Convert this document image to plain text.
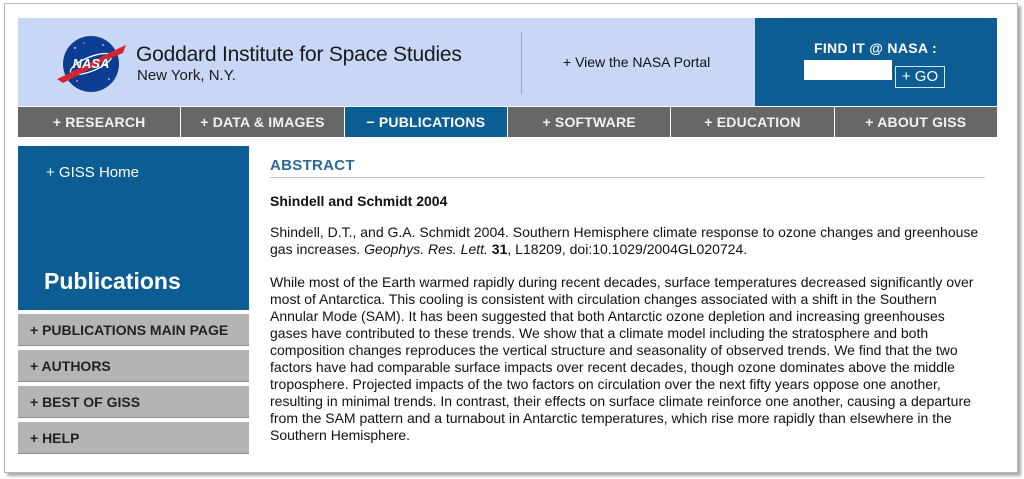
NASA Goddard Institute for Space Studies
New York, N.Y.
+ View the NASA Portal
FIND IT @ NASA :
+ GO
+ RESEARCH	+ DATA & IMAGES	− PUBLICATIONS	+ SOFTWARE	+ EDUCATION	+ ABOUT GISS
+ GISS Home
Publications
+ PUBLICATIONS MAIN PAGE
+ AUTHORS
+ BEST OF GISS
+ HELP
ABSTRACT
Shindell and Schmidt 2004
Shindell, D.T., and G.A. Schmidt 2004. Southern Hemisphere climate response to ozone changes and greenhouse gas increases. Geophys. Res. Lett. 31, L18209, doi:10.1029/2004GL020724.
While most of the Earth warmed rapidly during recent decades, surface temperatures decreased significantly over most of Antarctica. This cooling is consistent with circulation changes associated with a shift in the Southern Annular Mode (SAM). It has been suggested that both Antarctic ozone depletion and increasing greenhouses gases have contributed to these trends. We show that a climate model including the stratosphere and both composition changes reproduces the vertical structure and seasonality of observed trends. We find that the two factors have had comparable surface impacts over recent decades, though ozone dominates above the middle troposphere. Projected impacts of the two factors on circulation over the next fifty years oppose one another, resulting in minimal trends. In contrast, their effects on surface climate reinforce one another, causing a departure from the SAM pattern and a turnabout in Antarctic temperatures, which rise more rapidly than elsewhere in the Southern Hemisphere.
